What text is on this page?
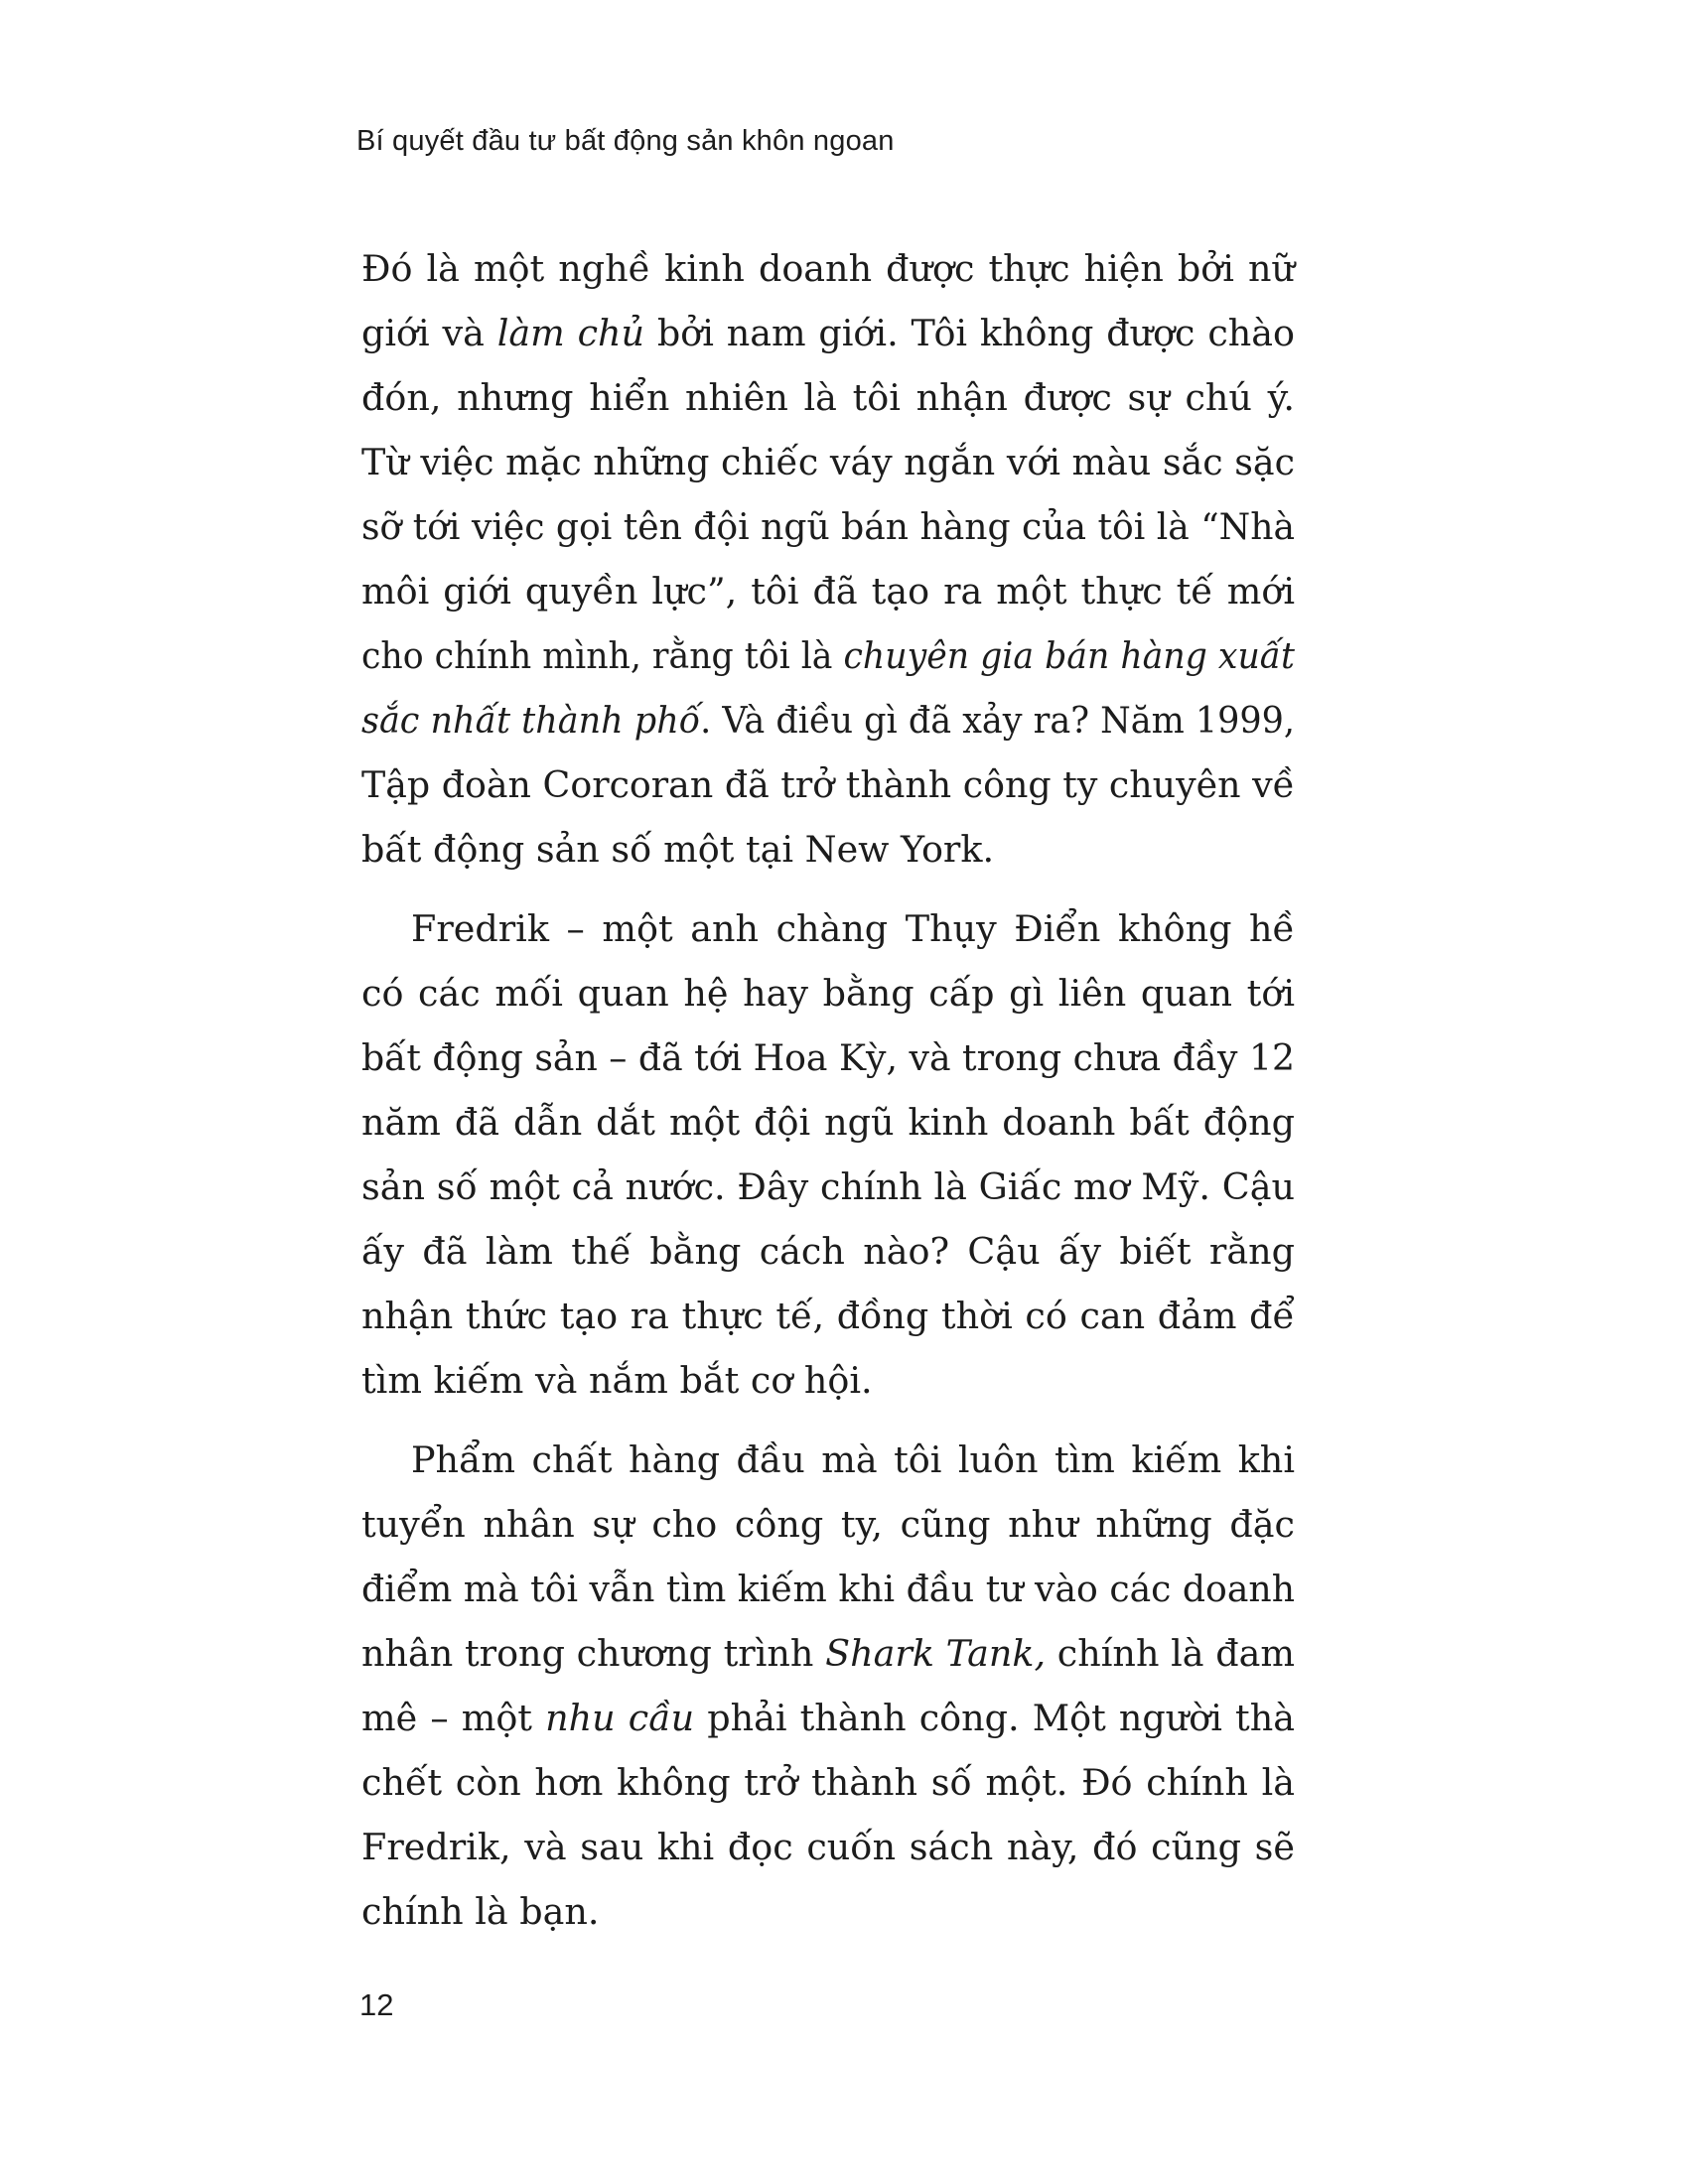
Bí quyết đầu tư bất động sản khôn ngoan
Đó là một nghề kinh doanh được thực hiện bởi nữ
giới và làm chủ bởi nam giới. Tôi không được chào
đón, nhưng hiển nhiên là tôi nhận được sự chú ý.
Từ việc mặc những chiếc váy ngắn với màu sắc sặc
sỡ tới việc gọi tên đội ngũ bán hàng của tôi là “Nhà
môi giới quyền lực”, tôi đã tạo ra một thực tế mới
cho chính mình, rằng tôi là chuyên gia bán hàng xuất
sắc nhất thành phố. Và điều gì đã xảy ra? Năm 1999,
Tập đoàn Corcoran đã trở thành công ty chuyên về
bất động sản số một tại New York.
Fredrik – một anh chàng Thụy Điển không hề
có các mối quan hệ hay bằng cấp gì liên quan tới
bất động sản – đã tới Hoa Kỳ, và trong chưa đầy 12
năm đã dẫn dắt một đội ngũ kinh doanh bất động
sản số một cả nước. Đây chính là Giấc mơ Mỹ. Cậu
ấy đã làm thế bằng cách nào? Cậu ấy biết rằng
nhận thức tạo ra thực tế, đồng thời có can đảm để
tìm kiếm và nắm bắt cơ hội.
Phẩm chất hàng đầu mà tôi luôn tìm kiếm khi
tuyển nhân sự cho công ty, cũng như những đặc
điểm mà tôi vẫn tìm kiếm khi đầu tư vào các doanh
nhân trong chương trình Shark Tank, chính là đam
mê – một nhu cầu phải thành công. Một người thà
chết còn hơn không trở thành số một. Đó chính là
Fredrik, và sau khi đọc cuốn sách này, đó cũng sẽ
chính là bạn.
12
